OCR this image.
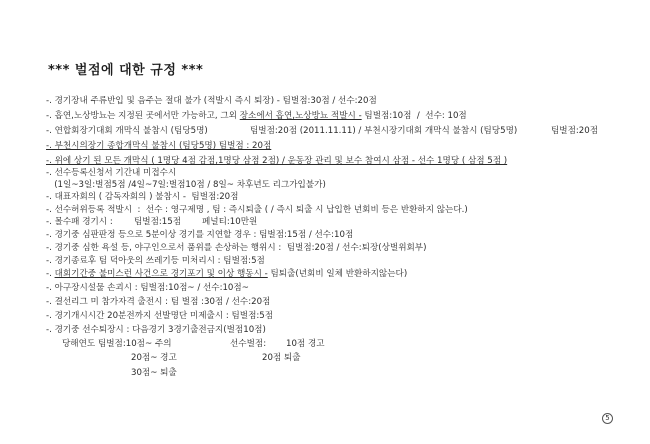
*** 벌점에 대한 규정 ***
-. 경기장내 주류반입 및 음주는 절대 불가 (적발시 즉시 퇴장) - 팀벌점:30점 / 선수:20점
-. 흡연,노상방뇨는 지정된 곳에서만 가능하고, 그외 장소에서 흡연,노상방뇨 적발시 - 팀벌점:10점  /  선수: 10점
-. 연합회장기대회 개막식 불참시 (팀당5명)	팀벌점:20점 (2011.11.11) / 부천시장기대회 개막식 불참시 (팀당5명)	팀벌점:20점
-. 부천시의장기 종합개막식 불참시 (팀당5명) 팀벌점 : 20점
-. 위에 상기 된 모든 개막식 ( 1명당 4점 감점,1명당 삼점 2점) / 운동장 관리 및 보수 참여시 삼점 - 선수 1명당 ( 삼점 5점 )
-. 선수등록신청서 기간내 미접수시
(1일~3일:벌점5점 /4일~7일:벌점10점 / 8일~ 차후년도 리그가입불가)
-. 대표자회의 ( 감독자회의 ) 불참시 -  팀벌점:20점
-. 선수허위등록 적발시  :  선수 : 영구제명 , 팀 : 즉시퇴출 ( / 즉시 퇴출 시 납입한 년회비 등은 반환하지 않는다.)
-. 몰수패 경기시 : 팀벌점:15점 페널티:10만원
-. 경기중 심판판정 등으로 5분이상 경기를 지연할 경우 : 팀벌점:15점 / 선수:10점
-. 경기중 심한 욕설 등, 야구인으로서 품위를 손상하는 행위시 :  팀벌점:20점 / 선수:퇴장(상벌위회부)
-. 경기종료후 팀 덕아웃의 쓰레기등 미처리시 : 팀벌점:5점
-. 대회기간중 불미스런 사건으로 경기포기 및 이상 행동시 - 팀퇴출(년회비 일체 반환하지않는다)
-. 아구장시설물 손괴시 : 팀벌점:10점~ / 선수:10점~
-. 결선리그 미 참가자격 출전시 : 팀 벌점 :30점 / 선수:20점
-. 경기개시시간 20분전까지 선발명단 미제출시 : 팀벌점:5점
-. 경기중 선수퇴장시 : 다음경기 3경기출전금지(벌점10점)
당해연도 팀벌점:10점~ 주의	선수벌점: 10점 경고
20점~ 경고	20점 퇴출
30점~ 퇴출
5
